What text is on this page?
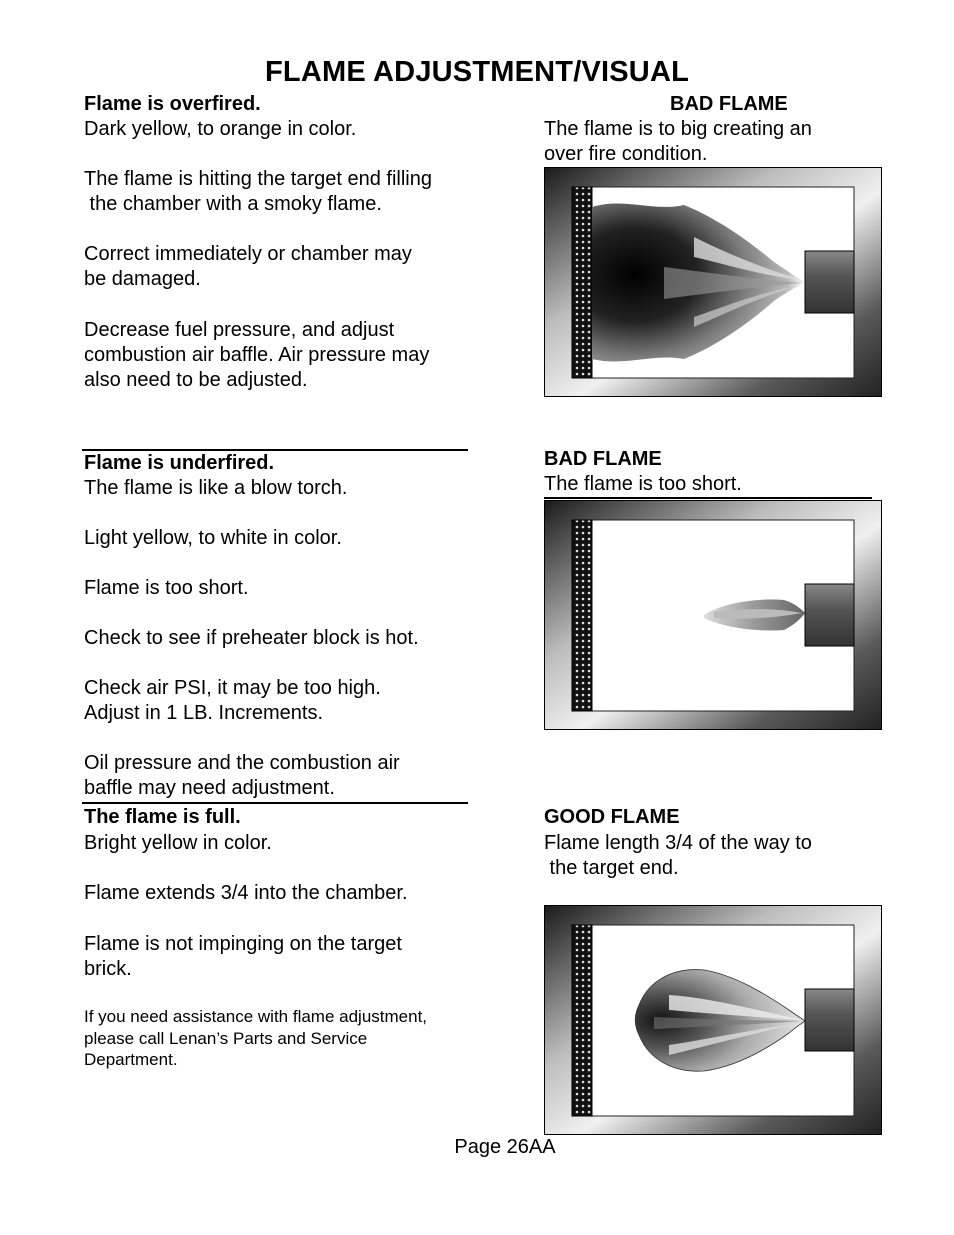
FLAME ADJUSTMENT/VISUAL
Flame is overfired.
Dark yellow, to orange in color.
The flame is hitting the target end filling
the chamber with a smoky flame.
Correct immediately or chamber may
be damaged.
Decrease fuel pressure, and adjust
combustion air baffle. Air pressure may
also need to be adjusted.
BAD FLAME
The flame is to big creating an
over fire condition.
Flame is underfired.
The flame is like a blow torch.
Light yellow, to white in color.
Flame is too short.
Check to see if preheater block is hot.
Check air PSI, it may be too high.
Adjust in 1 LB. Increments.
Oil pressure and the combustion air
baffle may need adjustment.
BAD FLAME
The flame is too short.
The flame is full.
Bright yellow in color.
Flame extends 3/4 into the chamber.
Flame is not impinging on the target
brick.
If you need assistance with flame adjustment,
please call Lenan’s Parts and Service
Department.
GOOD FLAME
Flame length 3/4 of the way to
the target end.
Page 26AA
